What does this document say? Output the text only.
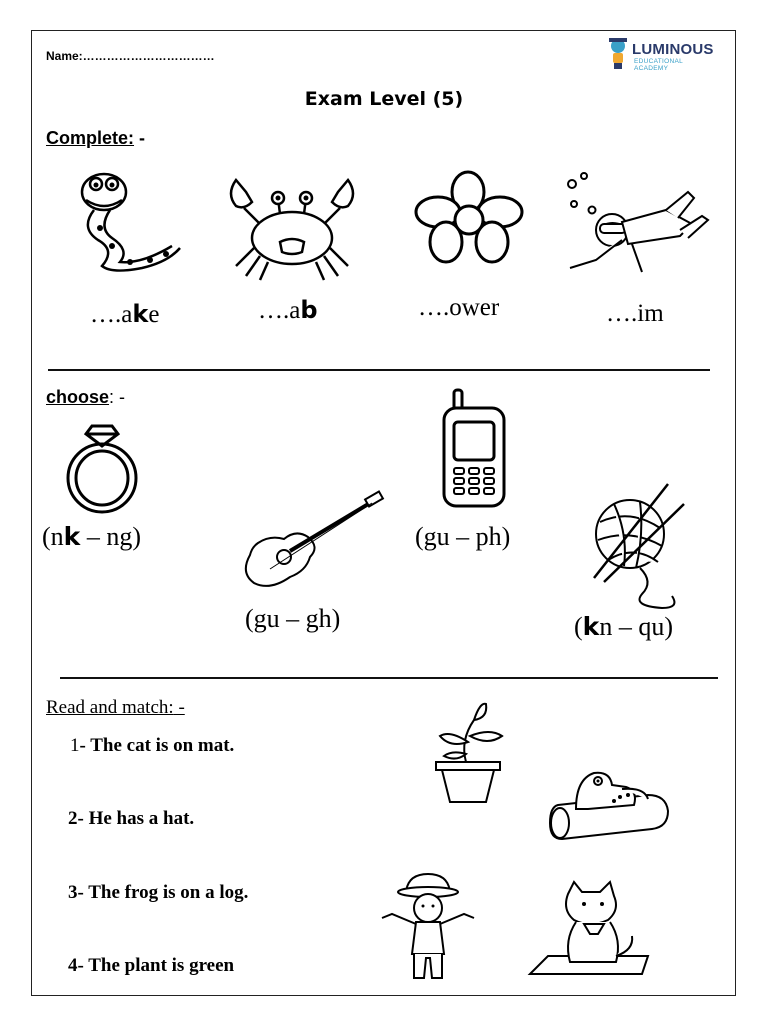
Name:……………………………	LUMINOUS
EDUCATIONAL ACADEMY
Exam Level (5)
Complete: -
….ake	….ab	….ower	….im
choose: -
(nk – ng)
(gu – gh)
(gu – ph)
(kn – qu)
Read and match: -
1- The cat is on mat.
2- He has a hat.
3- The frog is on a log.
4- The plant is green
